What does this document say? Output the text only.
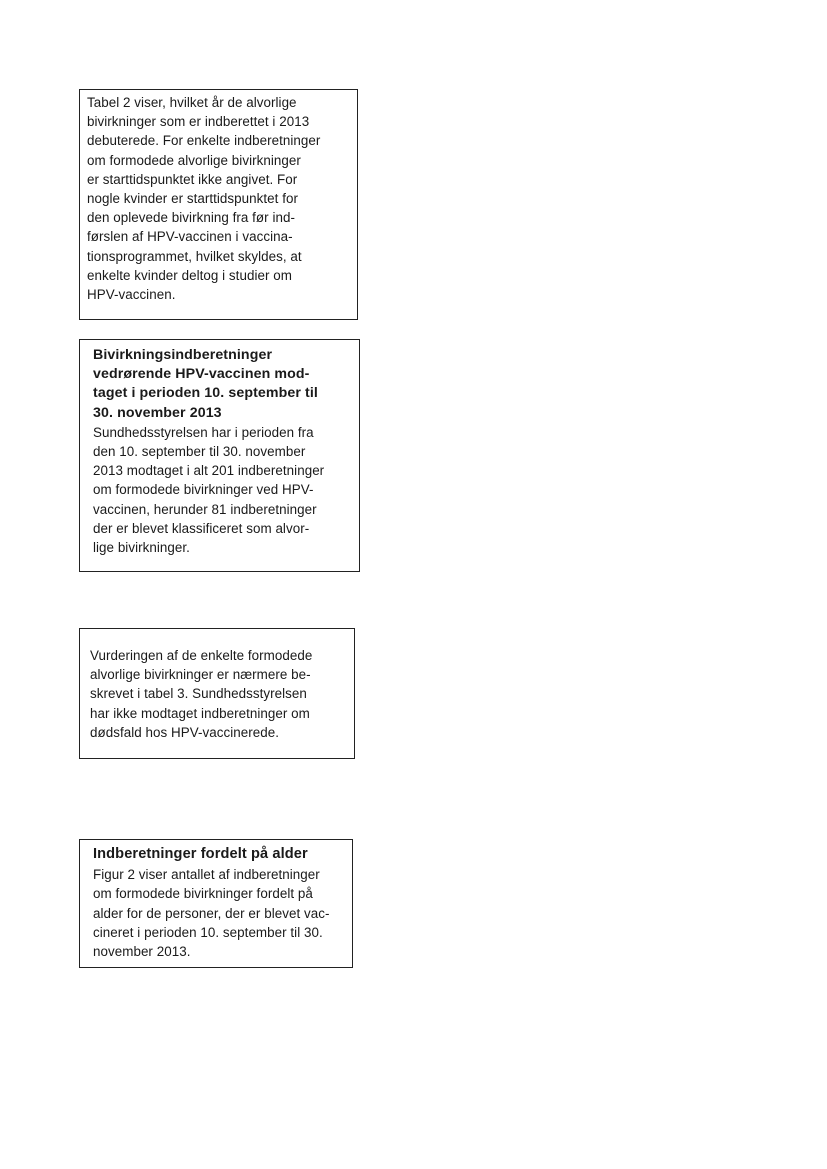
Tabel 2 viser, hvilket år de alvorlige
bivirkninger som er indberettet i 2013
debuterede. For enkelte indberetninger
om formodede alvorlige bivirkninger
er starttidspunktet ikke angivet. For
nogle kvinder er starttidspunktet for
den oplevede bivirkning fra før ind-
førslen af HPV-vaccinen i vaccina-
tionsprogrammet, hvilket skyldes, at
enkelte kvinder deltog i studier om
HPV-vaccinen.

Bivirkningsindberetninger
vedrørende HPV-vaccinen mod-
taget i perioden 10. september til
30. november 2013

Sundhedsstyrelsen har i perioden fra
den 10. september til 30. november
2013 modtaget i alt 201 indberetninger
om formodede bivirkninger ved HPV-
vaccinen, herunder 81 indberetninger
der er blevet klassificeret som alvor-
lige bivirkninger.

Vurderingen af de enkelte formodede
alvorlige bivirkninger er nærmere be-
skrevet i tabel 3. Sundhedsstyrelsen
har ikke modtaget indberetninger om
dødsfald hos HPV-vaccinerede.

Indberetninger fordelt på alder

Figur 2 viser antallet af indberetninger
om formodede bivirkninger fordelt på
alder for de personer, der er blevet vac-
cineret i perioden 10. september til 30.
november 2013.
